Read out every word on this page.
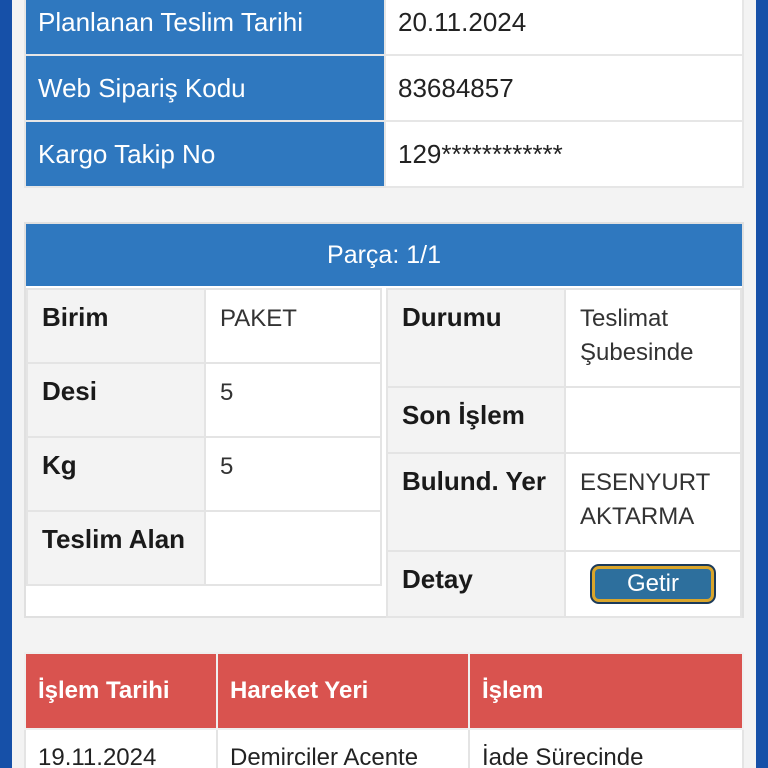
Planlanan Teslim Tarihi	20.11.2024
Web Sipariş Kodu	83684857
Kargo Takip No	129************
Parça: 1/1
Birim	PAKET
Desi	5
Kg	5
Teslim Alan	
Durumu	Teslimat
Şubesinde

Son İşlem	
Bulund. Yer	ESENYURT
AKTARMA

Detay	Getir
İşlem Tarihi	Hareket Yeri	İşlem
19.11.2024	Demirciler Acente	İade Sürecinde
